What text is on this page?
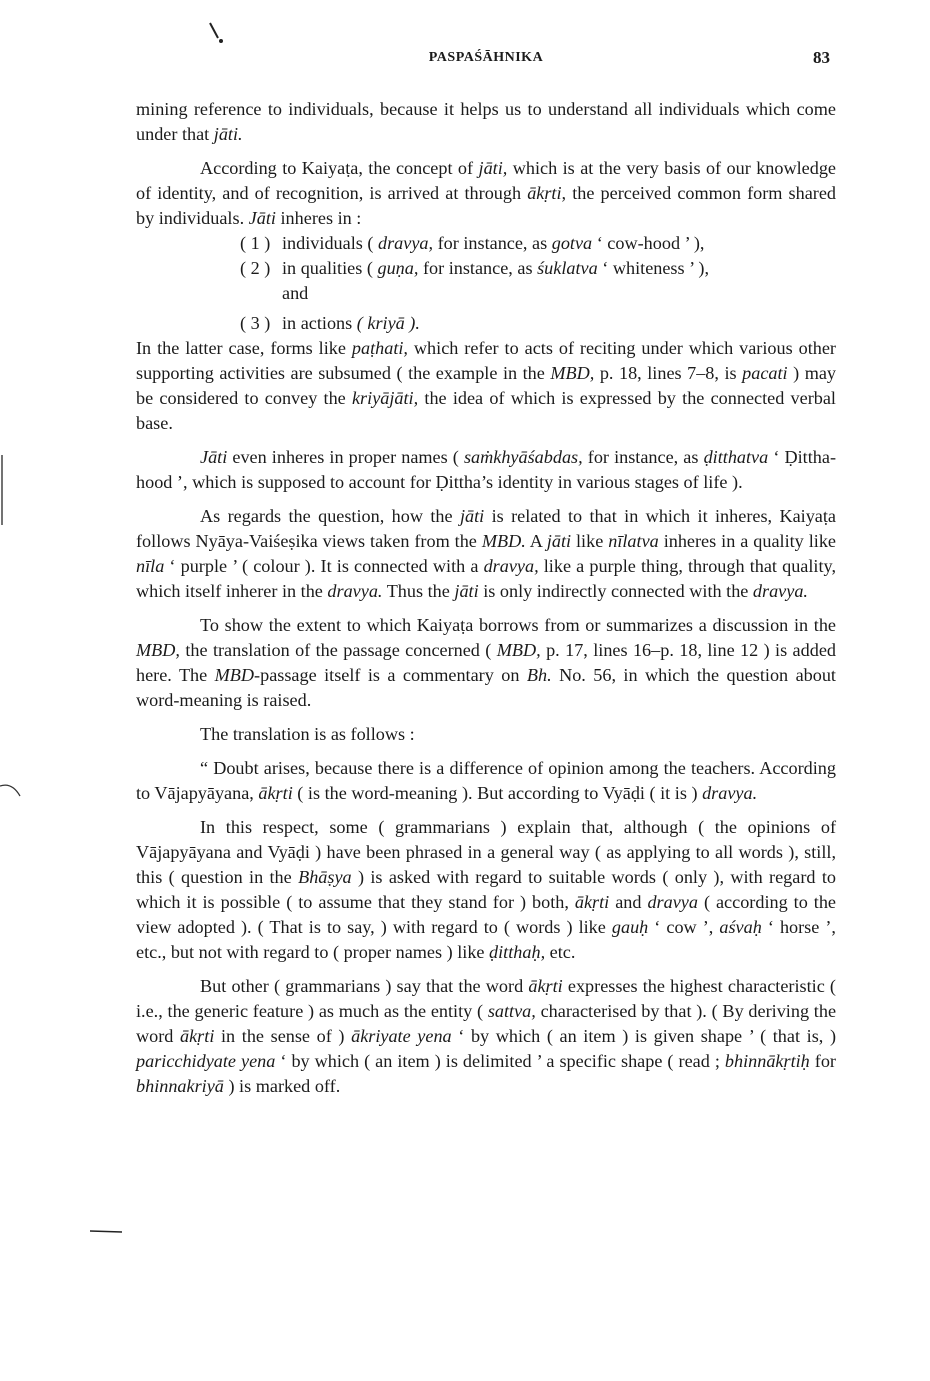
PASPAŚĀHNIKA	83

mining reference to individuals, because it helps us to understand all individuals which come under that jāti.

According to Kaiyaṭa, the concept of jāti, which is at the very basis of our knowledge of identity, and of recognition, is arrived at through ākṛti, the perceived common form shared by individuals. Jāti inheres in :

( 1 ) individuals ( dravya, for instance, as gotva ‘ cow-hood ’ ),
( 2 ) in qualities ( guṇa, for instance, as śuklatva ‘ whiteness ’ ),
and
( 3 ) in actions ( kriyā ).

In the latter case, forms like paṭhati, which refer to acts of reciting under which various other supporting activities are subsumed ( the example in the MBD, p. 18, lines 7–8, is pacati ) may be considered to convey the kriyājāti, the idea of which is expressed by the connected verbal base.

Jāti even inheres in proper names ( saṁkhyāśabdas, for instance, as ḍitthatva ‘ Ḍittha-hood ’, which is supposed to account for Ḍittha’s identity in various stages of life ).

As regards the question, how the jāti is related to that in which it inheres, Kaiyaṭa follows Nyāya-Vaiśeṣika views taken from the MBD. A jāti like nīlatva inheres in a quality like nīla ‘ purple ’ ( colour ). It is connected with a dravya, like a purple thing, through that quality, which itself inherer in the dravya. Thus the jāti is only indirectly connected with the dravya.

To show the extent to which Kaiyaṭa borrows from or summarizes a discussion in the MBD, the translation of the passage concerned ( MBD, p. 17, lines 16–p. 18, line 12 ) is added here. The MBD-passage itself is a commentary on Bh. No. 56, in which the question about word-meaning is raised.

The translation is as follows :

“ Doubt arises, because there is a difference of opinion among the teachers. According to Vājapyāyana, ākṛti ( is the word-meaning ). But according to Vyāḍi ( it is ) dravya.

In this respect, some ( grammarians ) explain that, although ( the opinions of Vājapyāyana and Vyāḍi ) have been phrased in a general way ( as applying to all words ), still, this ( question in the Bhāṣya ) is asked with regard to suitable words ( only ), with regard to which it is possible ( to assume that they stand for ) both, ākṛti and dravya ( according to the view adopted ). ( That is to say, ) with regard to ( words ) like gauḥ ‘ cow ’, aśvaḥ ‘ horse ’, etc., but not with regard to ( proper names ) like ḍitthaḥ, etc.

But other ( grammarians ) say that the word ākṛti expresses the highest characteristic ( i.e., the generic feature ) as much as the entity ( sattva, characterised by that ). ( By deriving the word ākṛti in the sense of ) ākriyate yena ‘ by which ( an item ) is given shape ’ ( that is, ) paricchidyate yena ‘ by which ( an item ) is delimited ’ a specific shape ( read ; bhinnākṛtiḥ for bhinnakriyā ) is marked off.
